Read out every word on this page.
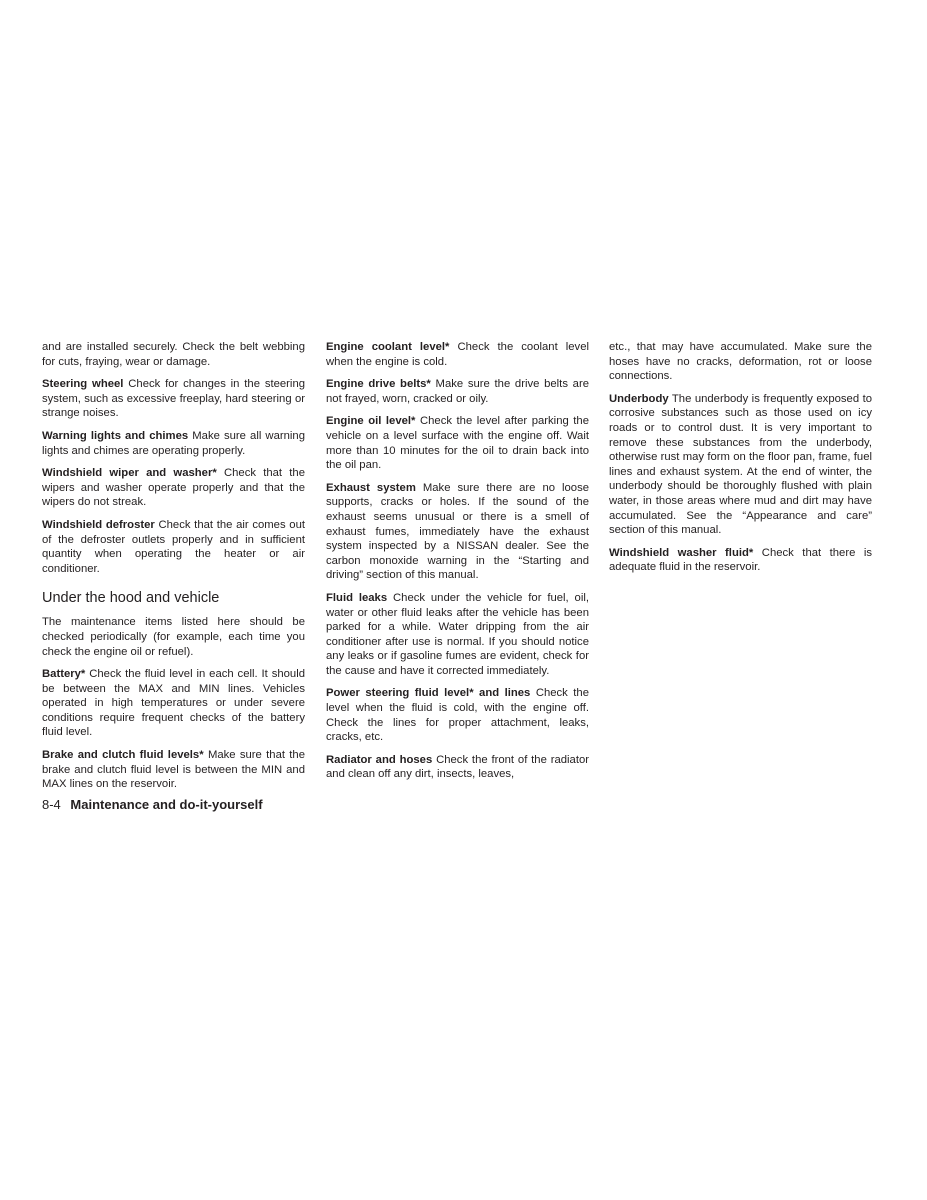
and are installed securely. Check the belt webbing for cuts, fraying, wear or damage.

Steering wheel Check for changes in the steering system, such as excessive freeplay, hard steering or strange noises.

Warning lights and chimes Make sure all warning lights and chimes are operating properly.

Windshield wiper and washer* Check that the wipers and washer operate properly and that the wipers do not streak.

Windshield defroster Check that the air comes out of the defroster outlets properly and in sufficient quantity when operating the heater or air conditioner.

Under the hood and vehicle

The maintenance items listed here should be checked periodically (for example, each time you check the engine oil or refuel).

Battery* Check the fluid level in each cell. It should be between the MAX and MIN lines. Vehicles operated in high temperatures or under severe conditions require frequent checks of the battery fluid level.

Brake and clutch fluid levels* Make sure that the brake and clutch fluid level is between the MIN and MAX lines on the reservoir.

Engine coolant level* Check the coolant level when the engine is cold.

Engine drive belts* Make sure the drive belts are not frayed, worn, cracked or oily.

Engine oil level* Check the level after parking the vehicle on a level surface with the engine off. Wait more than 10 minutes for the oil to drain back into the oil pan.

Exhaust system Make sure there are no loose supports, cracks or holes. If the sound of the exhaust seems unusual or there is a smell of exhaust fumes, immediately have the exhaust system inspected by a NISSAN dealer. See the carbon monoxide warning in the “Starting and driving” section of this manual.

Fluid leaks Check under the vehicle for fuel, oil, water or other fluid leaks after the vehicle has been parked for a while. Water dripping from the air conditioner after use is normal. If you should notice any leaks or if gasoline fumes are evident, check for the cause and have it corrected immediately.

Power steering fluid level* and lines Check the level when the fluid is cold, with the engine off. Check the lines for proper attachment, leaks, cracks, etc.

Radiator and hoses Check the front of the radiator and clean off any dirt, insects, leaves,

etc., that may have accumulated. Make sure the hoses have no cracks, deformation, rot or loose connections.

Underbody The underbody is frequently exposed to corrosive substances such as those used on icy roads or to control dust. It is very important to remove these substances from the underbody, otherwise rust may form on the floor pan, frame, fuel lines and exhaust system. At the end of winter, the underbody should be thoroughly flushed with plain water, in those areas where mud and dirt may have accumulated. See the “Appearance and care” section of this manual.

Windshield washer fluid* Check that there is adequate fluid in the reservoir.

8-4 Maintenance and do-it-yourself
